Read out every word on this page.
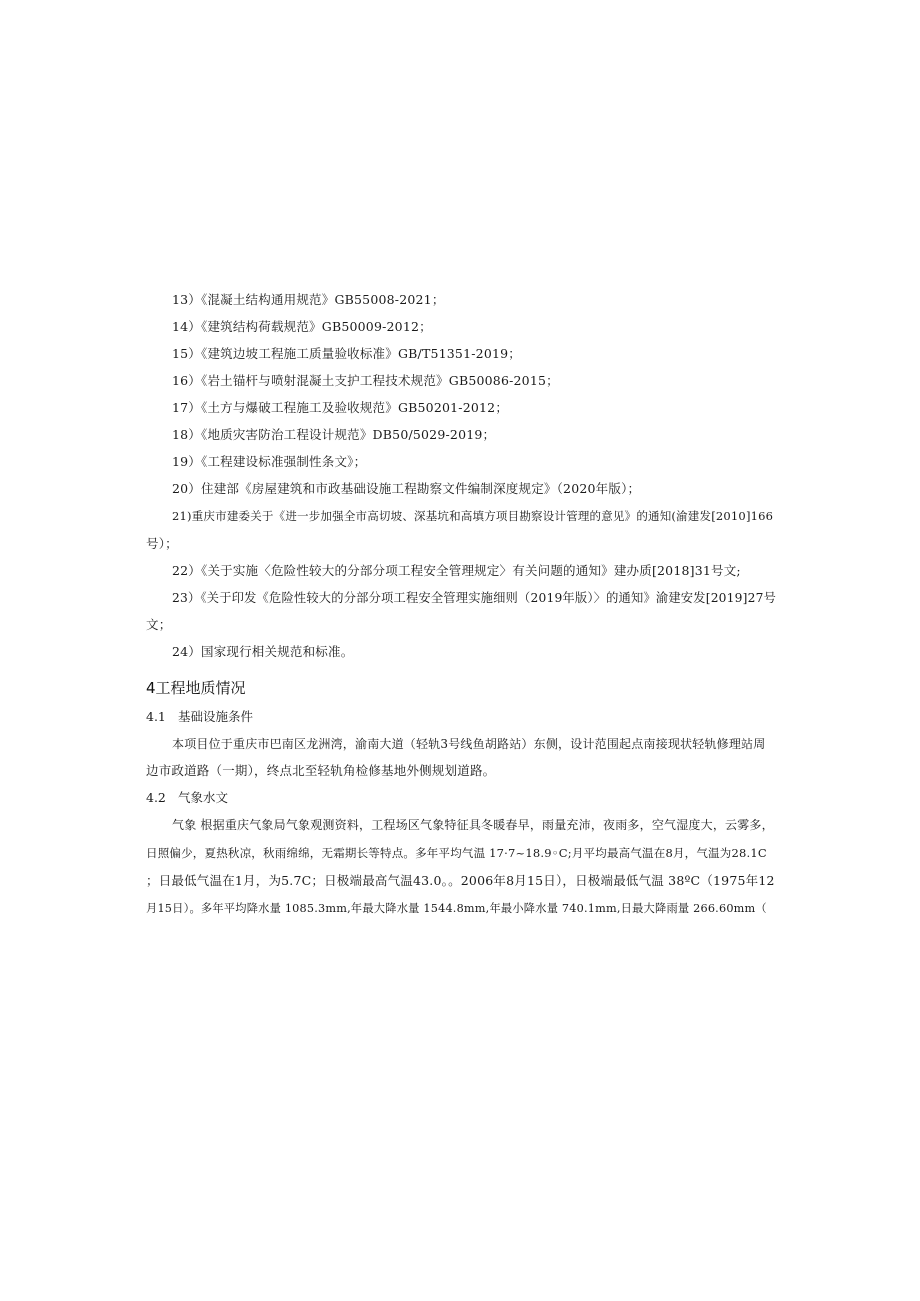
13）《混凝土结构通用规范》GB55008-2021；
14）《建筑结构荷载规范》GB50009-2012；
15）《建筑边坡工程施工质量验收标准》GB/T51351-2019；
16）《岩土锚杆与喷射混凝土支护工程技术规范》GB50086-2015；
17）《土方与爆破工程施工及验收规范》GB50201-2012；
18）《地质灾害防治工程设计规范》DB50/5029-2019；
19）《工程建设标准强制性条文》；
20）住建部《房屋建筑和市政基础设施工程勘察文件编制深度规定》（2020年版）；
21)重庆市建委关于《进一步加强全市高切坡、深基坑和高填方项目勘察设计管理的意见》的通知(渝建发[2010]166
号）；
22）《关于实施〈危险性较大的分部分项工程安全管理规定〉有关问题的通知》建办质[2018]31号文;
23）《关于印发《危险性较大的分部分项工程安全管理实施细则（2019年版）〉的通知》渝建安发[2019]27号
文；
24）国家现行相关规范和标准。
4工程地质情况
4.1 基础设施条件
本项目位于重庆市巴南区龙洲湾，渝南大道（轻轨3号线鱼胡路站）东侧，设计范围起点南接现状轻轨修理站周
边市政道路（一期），终点北至轻轨角检修基地外侧规划道路。
4.2 气象水文
气象 根据重庆气象局气象观测资料，工程场区气象特征具冬暖春早，雨量充沛，夜雨多，空气湿度大，云雾多，
日照偏少，夏热秋凉，秋雨绵绵，无霜期长等特点。多年平均气温 17·7~18.9◦C;月平均最高气温在8月，气温为28.1C
；日最低气温在1月，为5.7C；日极端最高气温43.0。。2006年8月15日），日极端最低气温 38ºC（1975年12
月15日）。多年平均降水量 1085.3mm,年最大降水量 1544.8mm,年最小降水量 740.1mm,日最大降雨量 266.60mm（
